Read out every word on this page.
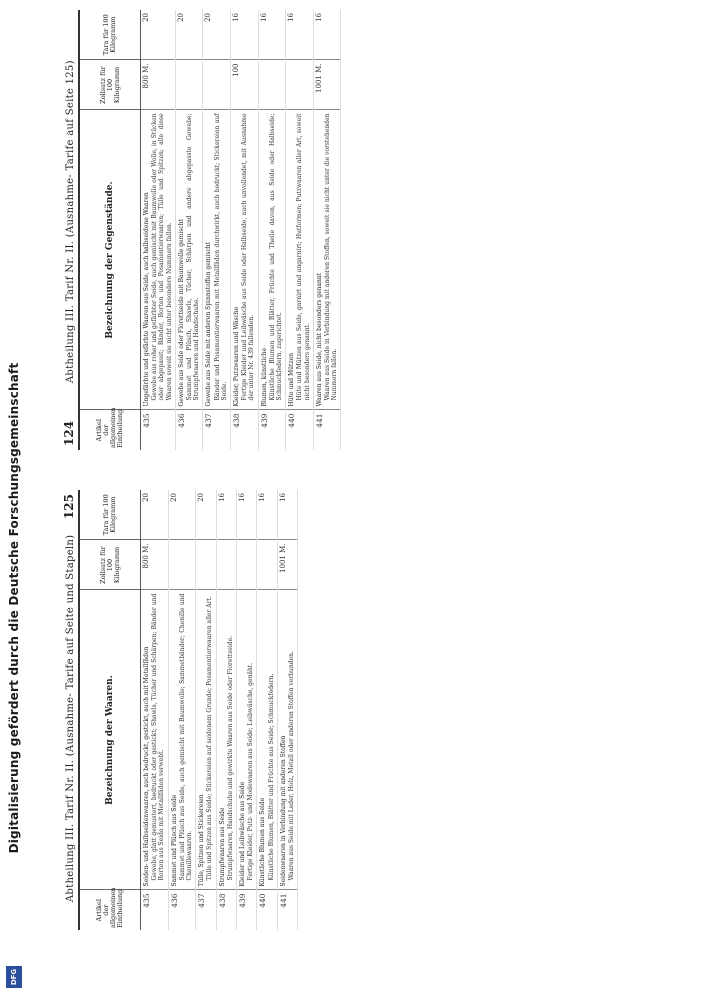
Digitalisierung gefördert durch die Deutsche Forschungsgemeinschaft
DFG
124
Abtheilung III. Tarif Nr. II. (Ausnahme- Tarife auf Seite 125)
Artikel der allgemeinen Eintheilung	Bezeichnung der Gegenstände.	Zollsatz für 100 Kilogramm	Tara für 100 Kilogramm
435	Ungefärbte und gefärbte Waaren aus Seide, auch halbseidene Waaren Gewebe aus roher und gefärbter Seide, auch gemischt mit Baumwolle oder Wolle, in Stücken oder abgepasst; Bänder, Borten und Posamentierwaaren; Tülle und Spitzen; alle diese Waaren soweit sie nicht unter besondere Nummern fallen.	800 M.	20
436	Gewebe aus Seide oder Florettseide mit Baumwolle gemischt Sammet und Plüsch, Shawls, Tücher, Schärpen und andere abgepasste Gewebe; Strumpfwaaren und Handschuhe.		20
437	Gewebe aus Seide mit anderen Spinnstoffen gemischt Bänder und Posamentierwaaren mit Metallfäden durchwirkt, auch bedruckt; Stickereien auf Seide.		20
438	Kleider, Putzwaaren und Wäsche Fertige Kleider und Leibwäsche aus Seide oder Halbseide, auch unvollendet, mit Ausnahme der unter Nr. 439 fallenden.	100	16
439	Blumen, künstliche Künstliche Blumen und Blätter, Früchte und Theile davon, aus Seide oder Halbseide; Schmuckfedern, zugerichtet.		16
440	Hüte und Mützen Hüte und Mützen aus Seide, garnirt und ungarnirt; Hutformen; Putzwaaren aller Art, soweit nicht besonders genannt.		16
441	Waaren aus Seide, nicht besonders genannt Waaren aus Seide in Verbindung mit anderen Stoffen, soweit sie nicht unter die vorstehenden Nummern fallen.	1001 M.	16
Abtheilung III. Tarif Nr. II. (Ausnahme- Tarife auf Seite und Stapeln)
125
Artikel der allgemeinen Eintheilung	Bezeichnung der Waaren.	Zollsatz für 100 Kilogramm	Tara für 100 Kilogramm
435	Seiden- und Halbseidenwaaren, auch bedruckt, gestickt, auch mit Metallfäden Gewebe, glatt gemustert, bedruckt oder gestickt; Shawls, Tücher und Schärpen; Bänder und Borten aus Seide mit Metallfäden verwebt.	800 M.	20
436	Sammet und Plüsch aus Seide Sammet und Plüsch aus Seide, auch gemischt mit Baumwolle; Sammetbänder; Chenille und Chenillewaaren.		20
437	Tülle, Spitzen und Stickereien Tülle und Spitzen aus Seide; Stickereien auf seidenem Grunde; Posamentierwaaren aller Art.		20
438	Strumpfwaaren aus Seide Strumpfwaaren, Handschuhe und gewirkte Waaren aus Seide oder Florettseide.		16
439	Kleider und Leibwäsche aus Seide Fertige Kleider, Putz- und Modewaaren aus Seide; Leibwäsche, genäht.		16
440	Künstliche Blumen aus Seide Künstliche Blumen, Blätter und Früchte aus Seide; Schmuckfedern.		16
441	Seidenwaaren in Verbindung mit anderen Stoffen Waaren aus Seide mit Leder, Holz, Metall oder anderen Stoffen verbunden.	1001 M.	16
